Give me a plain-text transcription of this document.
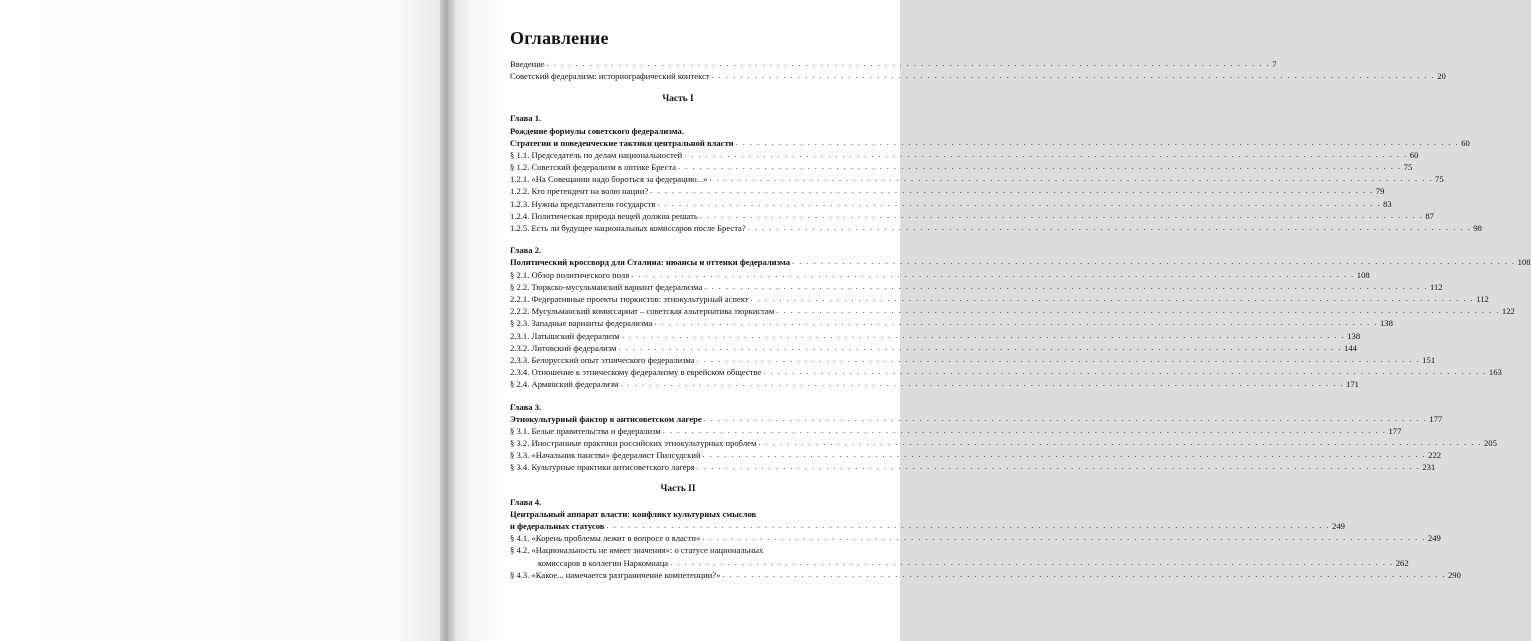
Оглавление
Введение . . .	7
Советский федерализм: историографический контекст . . .	20
Часть I
Глава 1.
Рождение формулы советского федерализма.
Стратегии и поведенческие тактики центральной власти . . .	60
§ 1.1. Председатель по делам национальностей . . .	60
§ 1.2. Советский федерализм в оптике Бреста . . .	75
1.2.1. «На Совещании надо бороться за федерацию...» . . .	75
1.2.2. Кто претендент на волю нации? . . .	79
1.2.3. Нужны представители государств . . .	83
1.2.4. Политическая природа вещей должна решать . . .	87
1.2.5. Есть ли будущее национальных комиссаров после Бреста? . . .	98
Глава 2.
Политический кроссворд для Сталина: нюансы и оттенки федерализма . . .	108
§ 2.1. Обзор политического поля . . .	108
§ 2.2. Тюркско-мусульманский вариант федерализма . . .	112
2.2.1. Федеративные проекты тюркистов: этнокультурный аспект . . .	112
2.2.2. Мусульманский комиссариат – советская альтернатива тюркистам . . .	122
§ 2.3. Западные варианты федерализма . . .	138
2.3.1. Латышский федерализм . . .	138
2.3.2. Литовский федерализм . . .	144
2.3.3. Белорусский опыт этнического федерализма . . .	151
2.3.4. Отношение к этническому федерализму в еврейском обществе . . .	163
§ 2.4. Армянский федерализм . . .	171
Глава 3.
Этнокультурный фактор в антисоветском лагере . . .	177
§ 3.1. Белые правительства и федерализм . . .	177
§ 3.2. Иностранные практики российских этнокультурных проблем . . .	205
§ 3.3. «Начальник панства» федералист Пилсудский . . .	222
§ 3.4. Культурные практики антисоветского лагеря . . .	231
Часть II
Глава 4.
Центральный аппарат власти: конфликт культурных смыслов
и федеральных статусов . . .	249
§ 4.1. «Корень проблемы лежит в вопросе о власти» . . .	249
§ 4.2. «Национальность не имеет значения»: о статусе национальных
комиссаров в коллегии Наркомнаца . . .	262
§ 4.3. «Какое... намечается разграничение компетенции?» . . .	290
